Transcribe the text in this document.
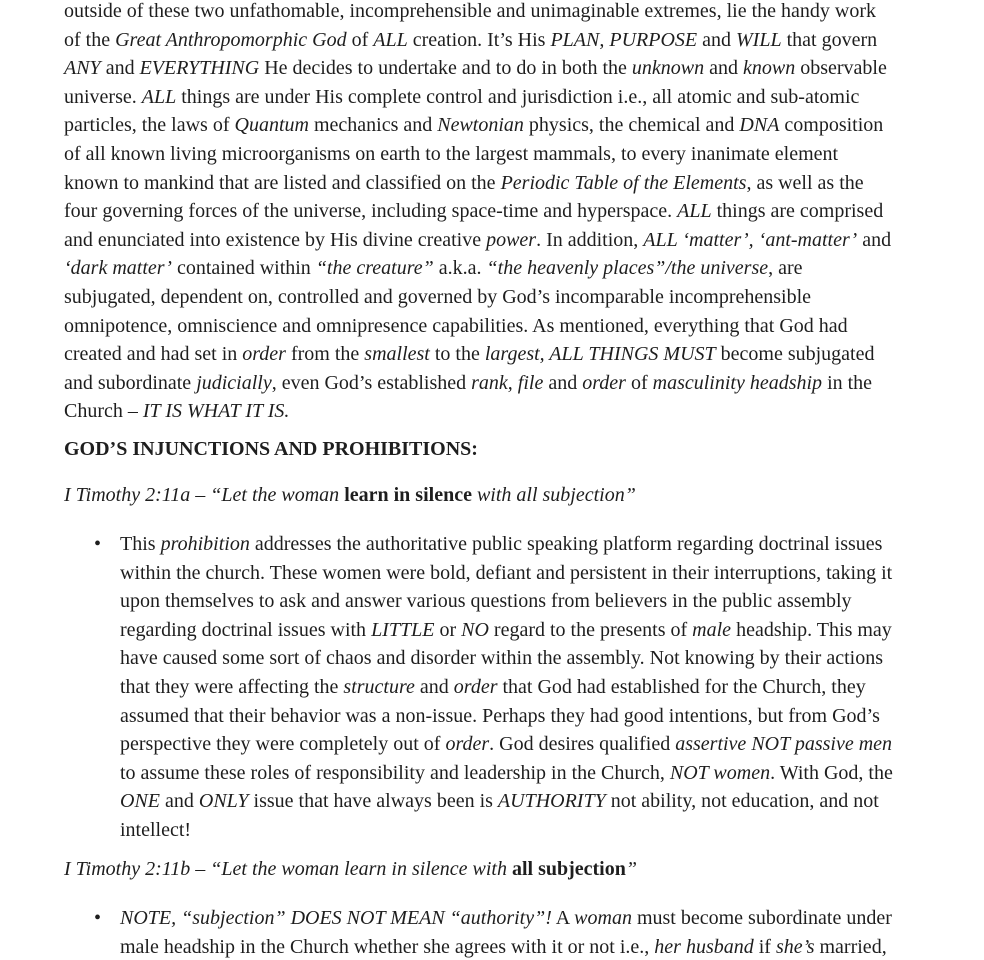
outside of these two unfathomable, incomprehensible and unimaginable extremes, lie the handy work
of the Great Anthropomorphic God of ALL creation. It’s His PLAN, PURPOSE and WILL that govern
ANY and EVERYTHING He decides to undertake and to do in both the unknown and known observable
universe. ALL things are under His complete control and jurisdiction i.e., all atomic and sub-atomic
particles, the laws of Quantum mechanics and Newtonian physics, the chemical and DNA composition
of all known living microorganisms on earth to the largest mammals, to every inanimate element
known to mankind that are listed and classified on the Periodic Table of the Elements, as well as the
four governing forces of the universe, including space-time and hyperspace. ALL things are comprised
and enunciated into existence by His divine creative power. In addition, ALL ‘matter’, ‘ant-matter’ and
‘dark matter’ contained within “the creature” a.k.a. “the heavenly places”/the universe, are
subjugated, dependent on, controlled and governed by God’s incomparable incomprehensible
omnipotence, omniscience and omnipresence capabilities. As mentioned, everything that God had
created and had set in order from the smallest to the largest, ALL THINGS MUST become subjugated
and subordinate judicially, even God’s established rank, file and order of masculinity headship in the
Church – IT IS WHAT IT IS.
GOD’S INJUNCTIONS AND PROHIBITIONS:
I Timothy 2:11a – “Let the woman learn in silence with all subjection”
• This prohibition addresses the authoritative public speaking platform regarding doctrinal issues
within the church. These women were bold, defiant and persistent in their interruptions, taking it
upon themselves to ask and answer various questions from believers in the public assembly
regarding doctrinal issues with LITTLE or NO regard to the presents of male headship. This may
have caused some sort of chaos and disorder within the assembly. Not knowing by their actions
that they were affecting the structure and order that God had established for the Church, they
assumed that their behavior was a non-issue. Perhaps they had good intentions, but from God’s
perspective they were completely out of order. God desires qualified assertive NOT passive men
to assume these roles of responsibility and leadership in the Church, NOT women. With God, the
ONE and ONLY issue that have always been is AUTHORITY not ability, not education, and not
intellect!
I Timothy 2:11b – “Let the woman learn in silence with all subjection”
• NOTE, “subjection” DOES NOT MEAN “authority”! A woman must become subordinate under
male headship in the Church whether she agrees with it or not i.e., her husband if she’s married,
